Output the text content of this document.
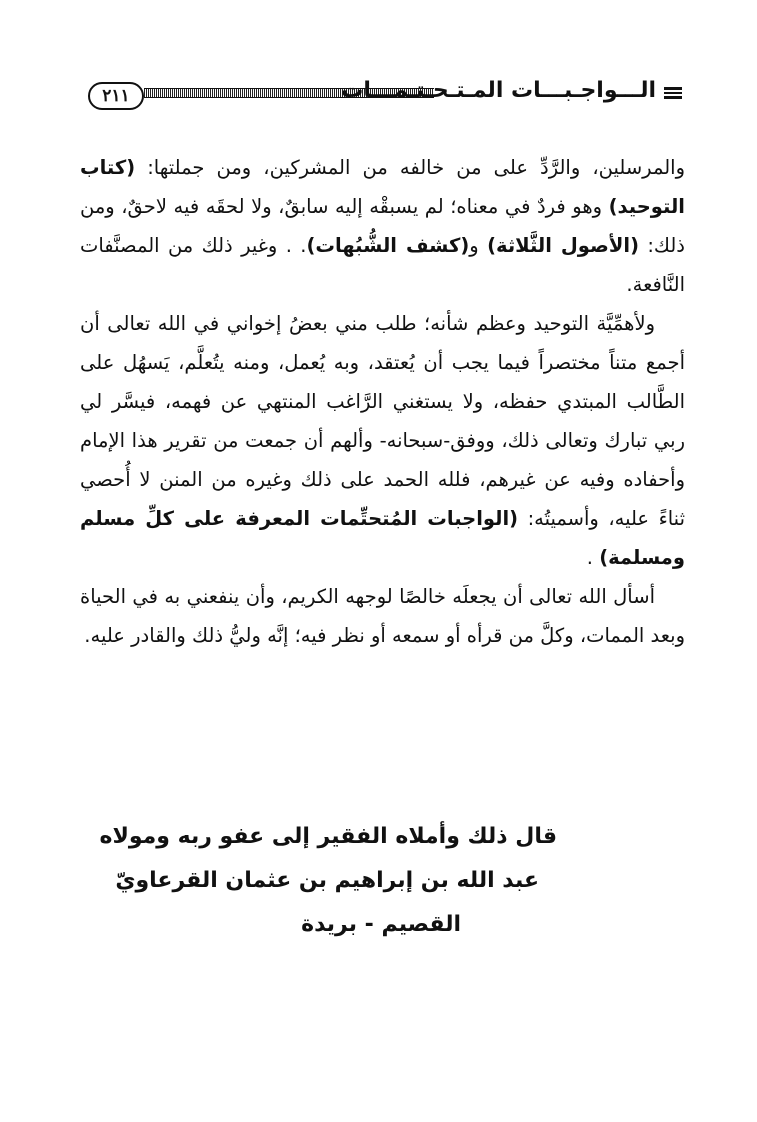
٢١١	الـــواجـبـــات المـتـحـتـمـــات

والمرسلين، والرَّدِّ على من خالفه من المشركين، ومن جملتها: (كتاب التوحيد) وهو فردٌ في معناه؛ لم يسبقْه إليه سابقٌ، ولا لحقَه فيه لاحقٌ، ومن ذلك: (الأصول الثَّلاثة) و(كشف الشُّبُهات). . وغير ذلك من المصنَّفات النَّافعة.

ولأهمِّيَّة التوحيد وعظم شأنه؛ طلب مني بعضُ إخواني في الله تعالى أن أجمع متناً مختصراً فيما يجب أن يُعتقد، وبه يُعمل، ومنه يتُعلَّم، يَسهُل على الطَّالب المبتدي حفظه، ولا يستغني الرَّاغب المنتهي عن فهمه، فيسَّر لي ربي تبارك وتعالى ذلك، ووفق-سبحانه- وألهم أن جمعت من تقرير هذا الإمام وأحفاده وفيه عن غيرهم، فلله الحمد على ذلك وغيره من المنن لا أُحصي ثناءً عليه، وأسميتُه: (الواجبات المُتحتِّمات المعرفة على كلِّ مسلم ومسلمة) .

أسأل الله تعالى أن يجعلَه خالصًا لوجهه الكريم، وأن ينفعني به في الحياة وبعد الممات، وكلَّ من قرأه أو سمعه أو نظر فيه؛ إنَّه وليُّ ذلك والقادر عليه.

قال ذلك وأملاه الفقير إلى عفو ربه ومولاه
عبد الله بن إبراهيم بن عثمان القرعاويّ
القصيم - بريدة
